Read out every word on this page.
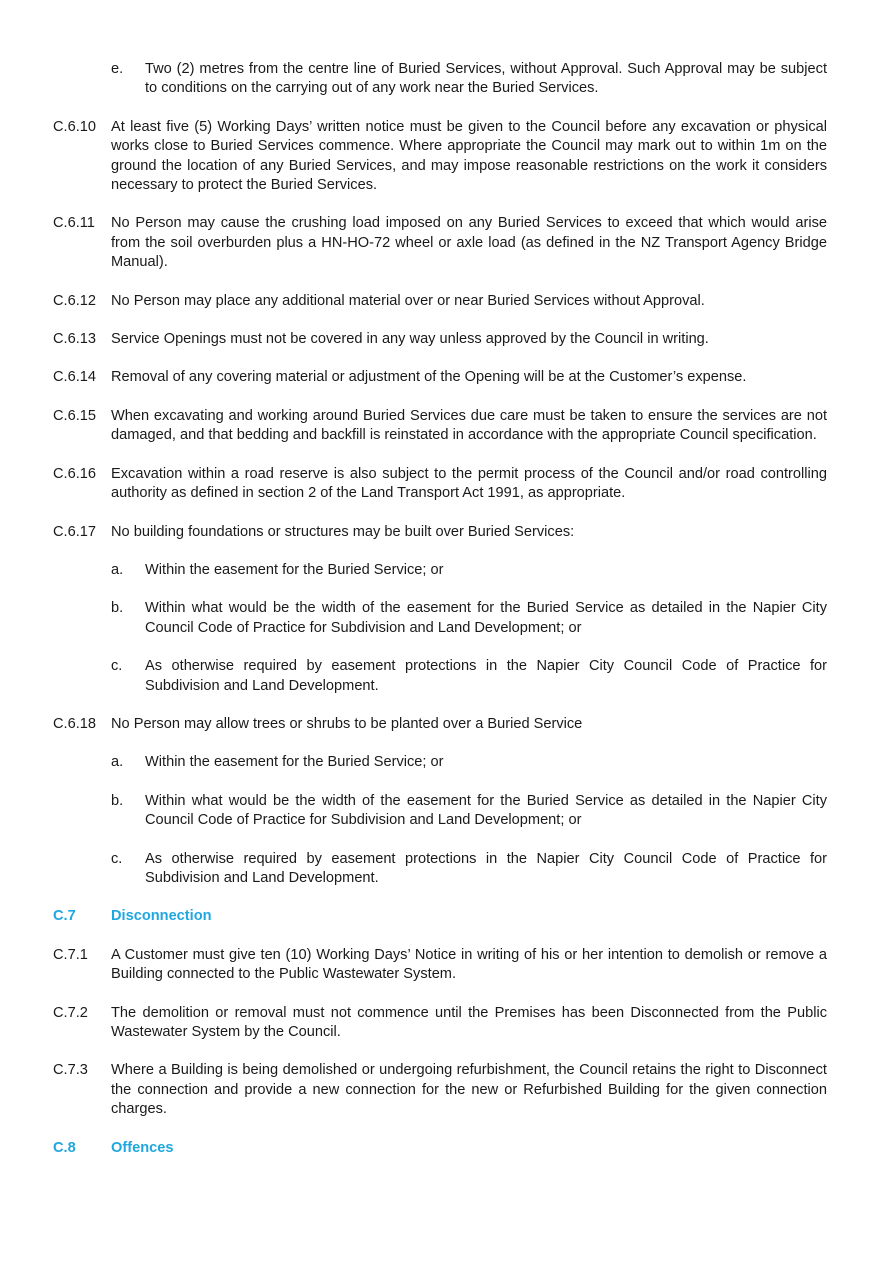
e.	Two (2) metres from the centre line of Buried Services, without Approval. Such Approval may be subject to conditions on the carrying out of any work near the Buried Services.
C.6.10	At least five (5) Working Days’ written notice must be given to the Council before any excavation or physical works close to Buried Services commence. Where appropriate the Council may mark out to within 1m on the ground the location of any Buried Services, and may impose reasonable restrictions on the work it considers necessary to protect the Buried Services.
C.6.11	No Person may cause the crushing load imposed on any Buried Services to exceed that which would arise from the soil overburden plus a HN-HO-72 wheel or axle load (as defined in the NZ Transport Agency Bridge Manual).
C.6.12	No Person may place any additional material over or near Buried Services without Approval.
C.6.13	Service Openings must not be covered in any way unless approved by the Council in writing.
C.6.14	Removal of any covering material or adjustment of the Opening will be at the Customer’s expense.
C.6.15	When excavating and working around Buried Services due care must be taken to ensure the services are not damaged, and that bedding and backfill is reinstated in accordance with the appropriate Council specification.
C.6.16	Excavation within a road reserve is also subject to the permit process of the Council and/or road controlling authority as defined in section 2 of the Land Transport Act 1991, as appropriate.
C.6.17	No building foundations or structures may be built over Buried Services:
a.	Within the easement for the Buried Service; or
b.	Within what would be the width of the easement for the Buried Service as detailed in the Napier City Council Code of Practice for Subdivision and Land Development; or
c.	As otherwise required by easement protections in the Napier City Council Code of Practice for Subdivision and Land Development.
C.6.18	No Person may allow trees or shrubs to be planted over a Buried Service
a.	Within the easement for the Buried Service; or
b.	Within what would be the width of the easement for the Buried Service as detailed in the Napier City Council Code of Practice for Subdivision and Land Development; or
c.	As otherwise required by easement protections in the Napier City Council Code of Practice for Subdivision and Land Development.
C.7	Disconnection
C.7.1	A Customer must give ten (10) Working Days’ Notice in writing of his or her intention to demolish or remove a Building connected to the Public Wastewater System.
C.7.2	The demolition or removal must not commence until the Premises has been Disconnected from the Public Wastewater System by the Council.
C.7.3	Where a Building is being demolished or undergoing refurbishment, the Council retains the right to Disconnect the connection and provide a new connection for the new or Refurbished Building for the given connection charges.
C.8	Offences
